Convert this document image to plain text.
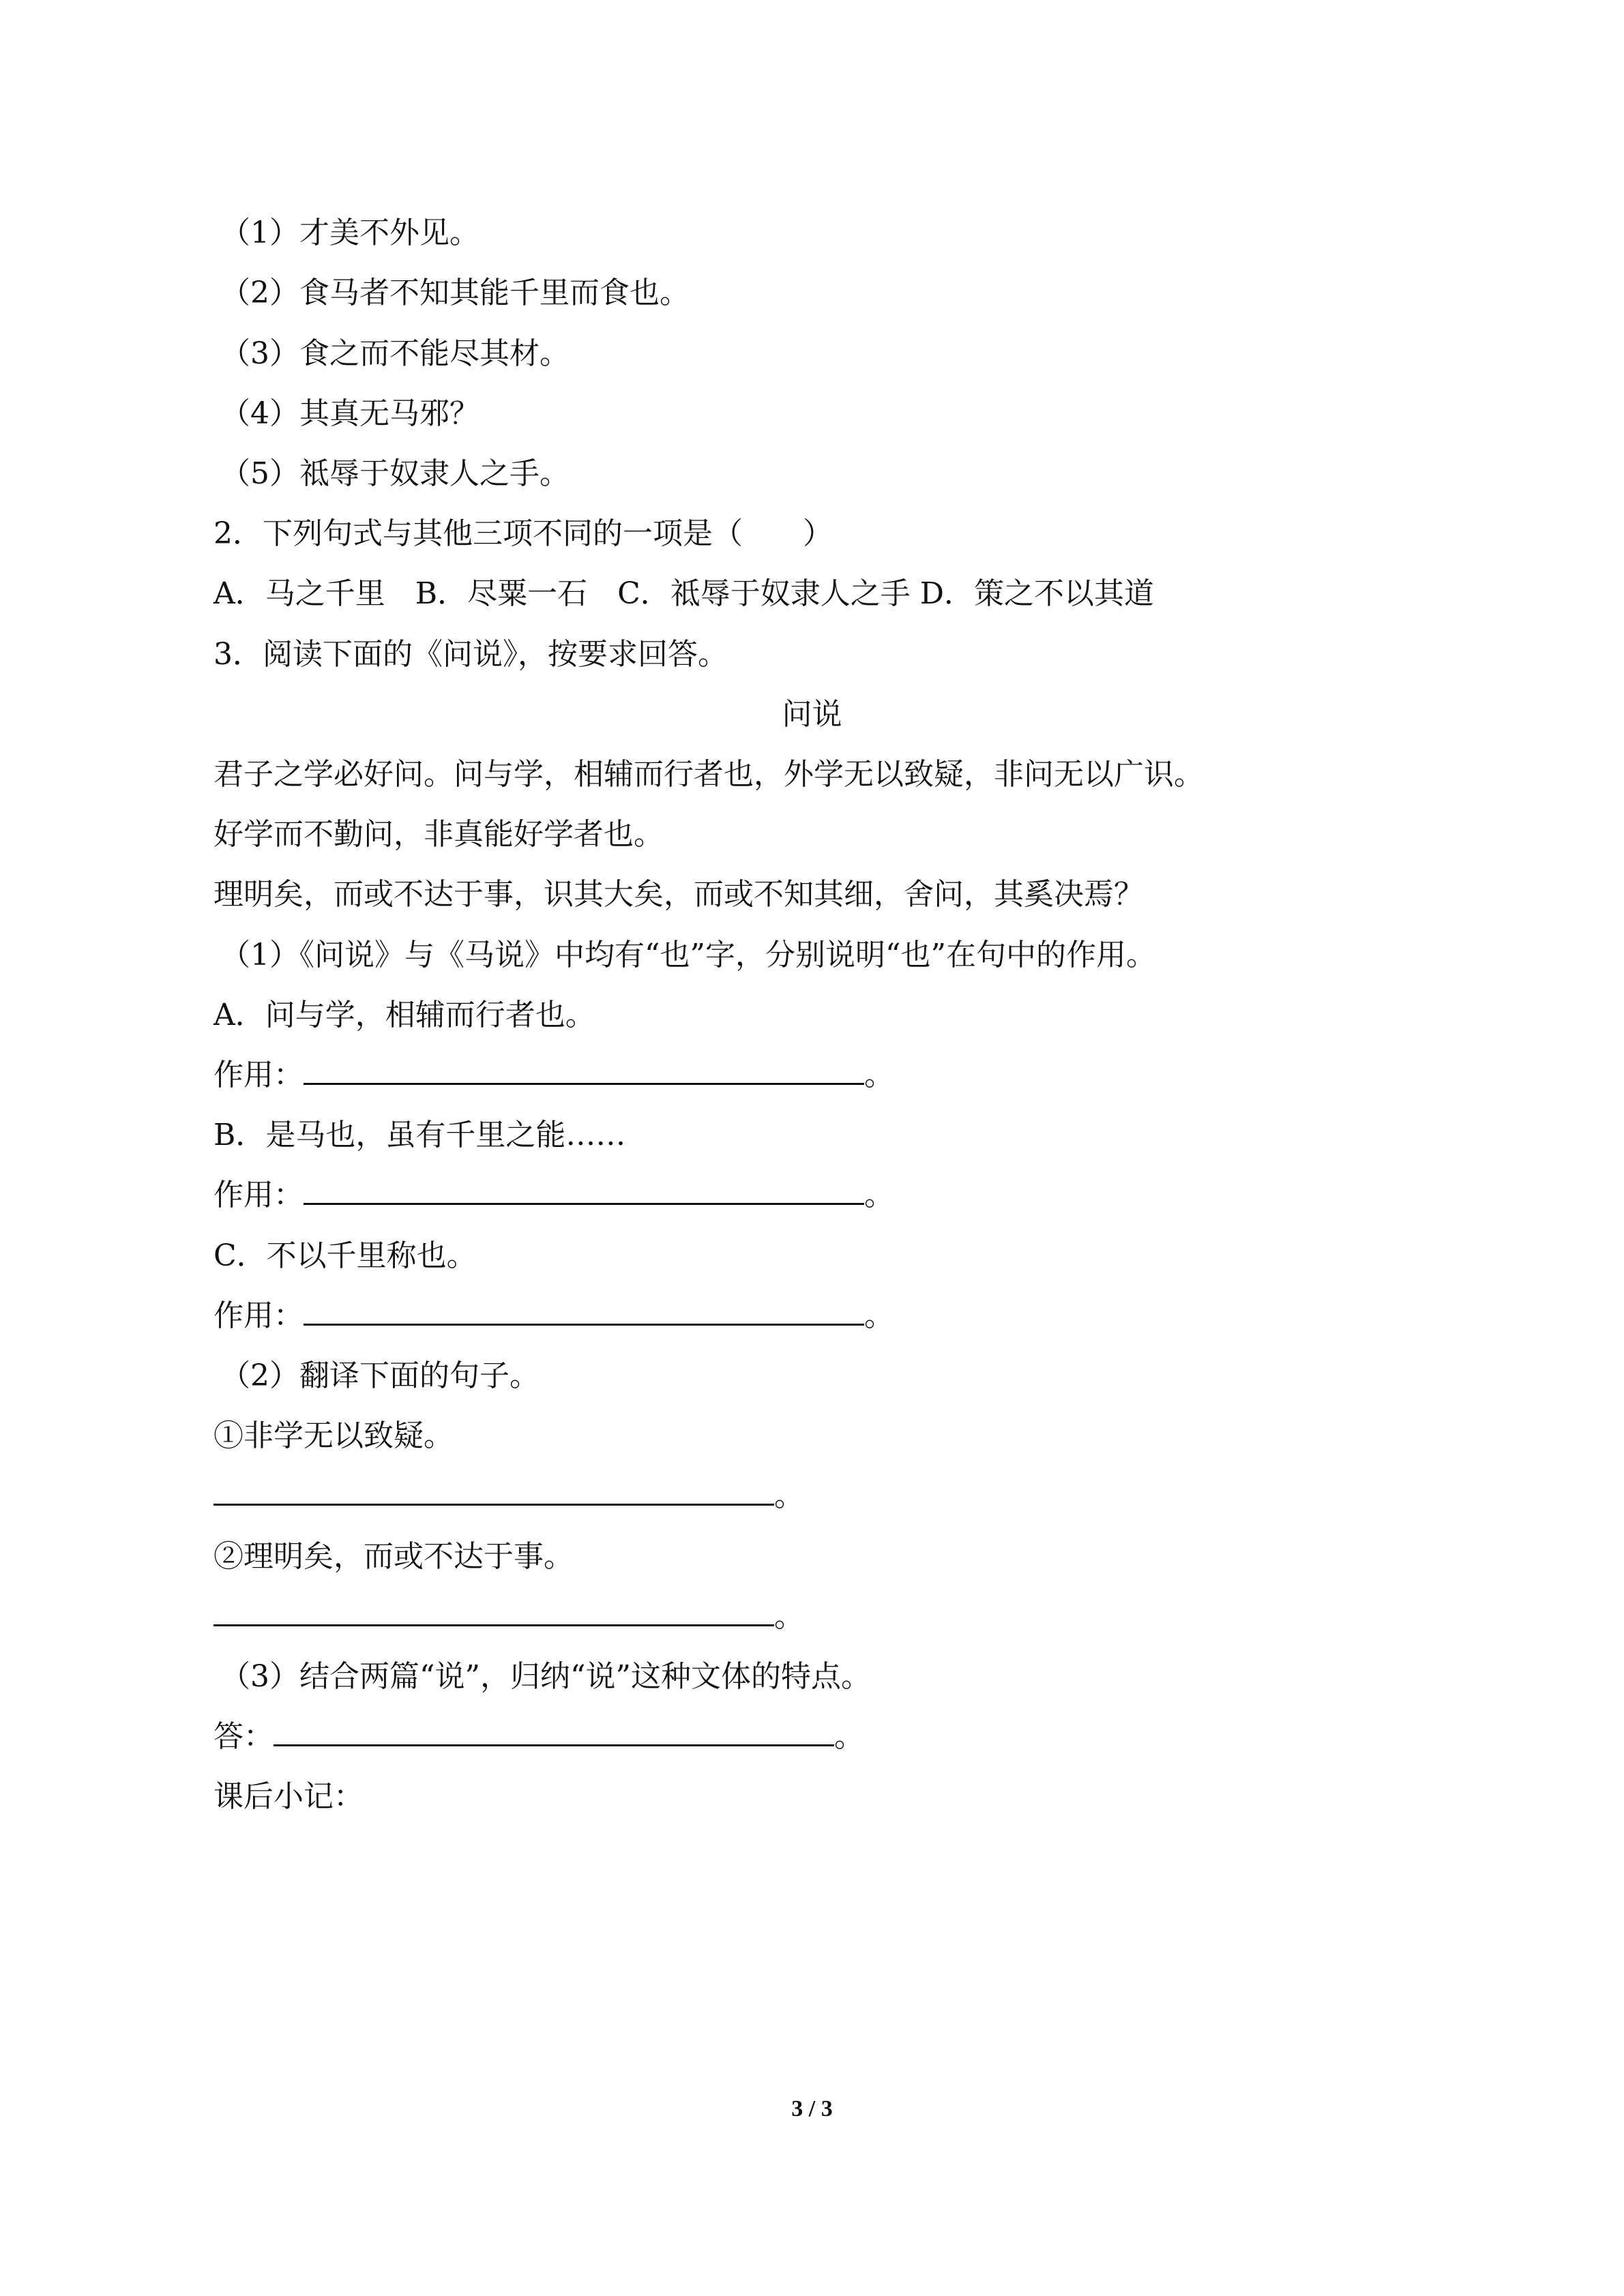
（1）才美不外见。
（2）食马者不知其能千里而食也。
（3）食之而不能尽其材。
（4）其真无马邪？
（5）祗辱于奴隶人之手。
2．下列句式与其他三项不同的一项是（　　）
A．马之千里　B．尽粟一石　C．祗辱于奴隶人之手 D．策之不以其道
3．阅读下面的《问说》，按要求回答。
问说
君子之学必好问。问与学，相辅而行者也，外学无以致疑，非问无以广识。
好学而不勤问，非真能好学者也。
理明矣，而或不达于事，识其大矣，而或不知其细，舍问，其奚决焉？
（1）《问说》与《马说》中均有“也”字，分别说明“也”在句中的作用。
A．问与学，相辅而行者也。
作用：	。
B．是马也，虽有千里之能……
作用：	。
C．不以千里称也。
作用：	。
（2）翻译下面的句子。
①非学无以致疑。
。
②理明矣，而或不达于事。
。
（3）结合两篇“说”，归纳“说”这种文体的特点。
答：	。
课后小记：
3 / 3
